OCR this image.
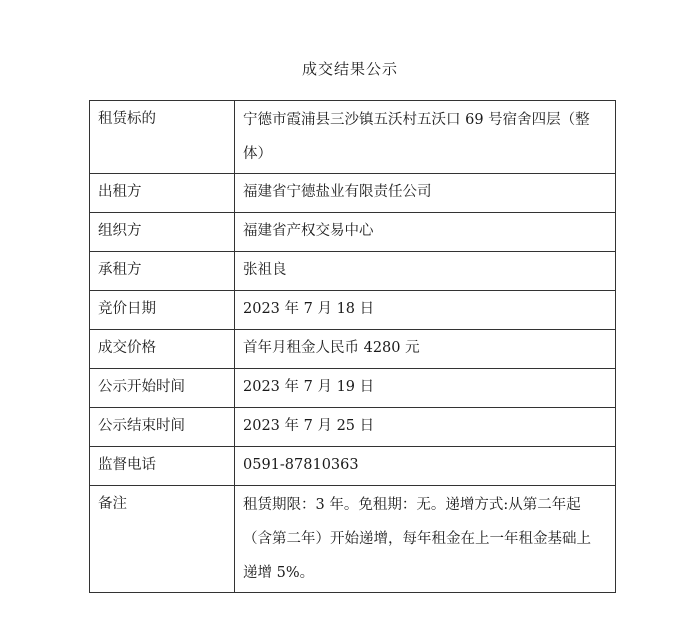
成交结果公示
租赁标的	宁德市霞浦县三沙镇五沃村五沃口 69 号宿舍四层（整体）
出租方	福建省宁德盐业有限责任公司
组织方	福建省产权交易中心
承租方	张祖良
竞价日期	2023 年 7 月 18 日
成交价格	首年月租金人民币 4280 元
公示开始时间	2023 年 7 月 19 日
公示结束时间	2023 年 7 月 25 日
监督电话	0591-87810363
备注	租赁期限：3 年。免租期：无。递增方式:从第二年起（含第二年）开始递增，每年租金在上一年租金基础上递增 5%。
